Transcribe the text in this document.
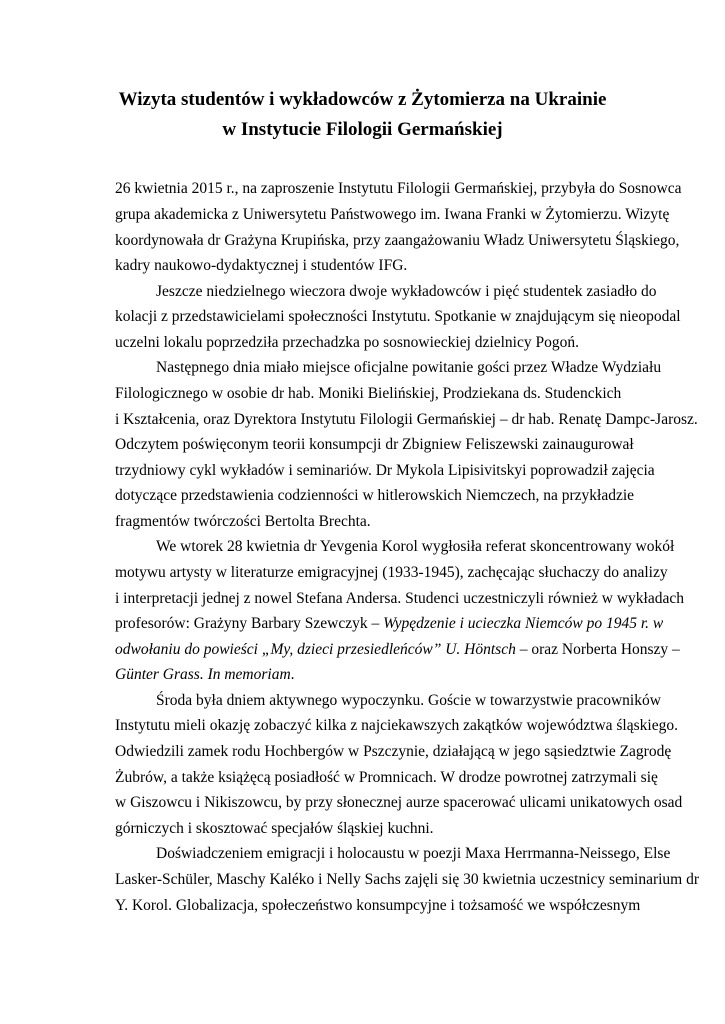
Wizyta studentów i wykładowców z Żytomierza na Ukrainie
w Instytucie Filologii Germańskiej
26 kwietnia 2015 r., na zaproszenie Instytutu Filologii Germańskiej, przybyła do Sosnowca
grupa akademicka z Uniwersytetu Państwowego im. Iwana Franki w Żytomierzu. Wizytę
koordynowała dr Grażyna Krupińska, przy zaangażowaniu Władz Uniwersytetu Śląskiego,
kadry naukowo-dydaktycznej i studentów IFG.
Jeszcze niedzielnego wieczora dwoje wykładowców i pięć studentek zasiadło do
kolacji z przedstawicielami społeczności Instytutu. Spotkanie w znajdującym się nieopodal
uczelni lokalu poprzedziła przechadzka po sosnowieckiej dzielnicy Pogoń.
Następnego dnia miało miejsce oficjalne powitanie gości przez Władze Wydziału
Filologicznego w osobie dr hab. Moniki Bielińskiej, Prodziekana ds. Studenckich
i Kształcenia, oraz Dyrektora Instytutu Filologii Germańskiej – dr hab. Renatę Dampc-Jarosz.
Odczytem poświęconym teorii konsumpcji dr Zbigniew Feliszewski zainaugurował
trzydniowy cykl wykładów i seminariów. Dr Mykola Lipisivitskyi poprowadził zajęcia
dotyczące przedstawienia codzienności w hitlerowskich Niemczech, na przykładzie
fragmentów twórczości Bertolta Brechta.
We wtorek 28 kwietnia dr Yevgenia Korol wygłosiła referat skoncentrowany wokół
motywu artysty w literaturze emigracyjnej (1933-1945), zachęcając słuchaczy do analizy
i interpretacji jednej z nowel Stefana Andersa. Studenci uczestniczyli również w wykładach
profesorów: Grażyny Barbary Szewczyk – Wypędzenie i ucieczka Niemców po 1945 r. w
odwołaniu do powieści „My, dzieci przesiedleńców” U. Höntsch – oraz Norberta Honszy –
Günter Grass. In memoriam.
Środa była dniem aktywnego wypoczynku. Goście w towarzystwie pracowników
Instytutu mieli okazję zobaczyć kilka z najciekawszych zakątków województwa śląskiego.
Odwiedzili zamek rodu Hochbergów w Pszczynie, działającą w jego sąsiedztwie Zagrodę
Żubrów, a także książęcą posiadłość w Promnicach. W drodze powrotnej zatrzymali się
w Giszowcu i Nikiszowcu, by przy słonecznej aurze spacerować ulicami unikatowych osad
górniczych i skosztować specjałów śląskiej kuchni.
Doświadczeniem emigracji i holocaustu w poezji Maxa Herrmanna-Neissego, Else
Lasker-Schüler, Maschy Kaléko i Nelly Sachs zajęli się 30 kwietnia uczestnicy seminarium dr
Y. Korol. Globalizacja, społeczeństwo konsumpcyjne i tożsamość we współczesnym
